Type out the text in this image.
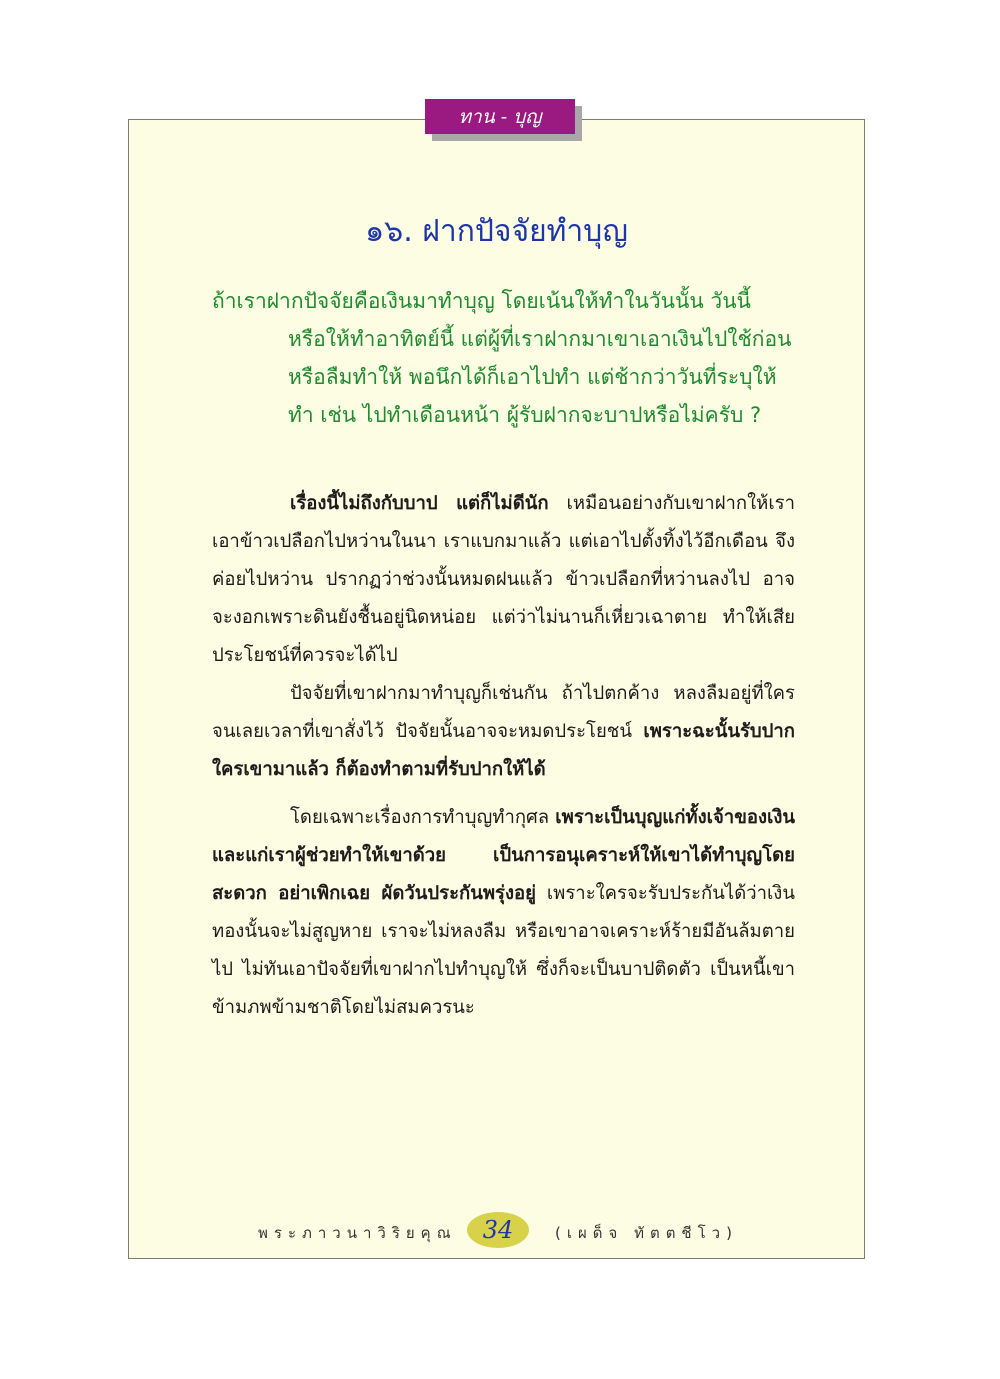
ทาน - บุญ
๑๖. ฝากปัจจัยทำบุญ
ถ้าเราฝากปัจจัยคือเงินมาทำบุญ โดยเน้นให้ทำในวันนั้น วันนี้
หรือให้ทำอาทิตย์นี้ แต่ผู้ที่เราฝากมาเขาเอาเงินไปใช้ก่อนหรือลืมทำให้ พอนึกได้ก็เอาไปทำ แต่ช้ากว่าวันที่ระบุให้ทำ เช่น ไปทำเดือนหน้า ผู้รับฝากจะบาปหรือไม่ครับ ?

เรื่องนี้ไม่ถึงกับบาป แต่ก็ไม่ดีนัก เหมือนอย่างกับเขาฝากให้เราเอาข้าวเปลือกไปหว่านในนา เราแบกมาแล้ว แต่เอาไปตั้งทิ้งไว้อีกเดือน จึงค่อยไปหว่าน ปรากฏว่าช่วงนั้นหมดฝนแล้ว ข้าวเปลือกที่หว่านลงไป อาจจะงอกเพราะดินยังชื้นอยู่นิดหน่อย แต่ว่าไม่นานก็เหี่ยวเฉาตาย ทำให้เสียประโยชน์ที่ควรจะได้ไป

ปัจจัยที่เขาฝากมาทำบุญก็เช่นกัน ถ้าไปตกค้าง หลงลืมอยู่ที่ใคร จนเลยเวลาที่เขาสั่งไว้ ปัจจัยนั้นอาจจะหมดประโยชน์ เพราะฉะนั้นรับปากใครเขามาแล้ว ก็ต้องทำตามที่รับปากให้ได้

โดยเฉพาะเรื่องการทำบุญทำกุศล เพราะเป็นบุญแก่ทั้งเจ้าของเงินและแก่เราผู้ช่วยทำให้เขาด้วย เป็นการอนุเคราะห์ให้เขาได้ทำบุญโดยสะดวก อย่าเพิกเฉย ผัดวันประกันพรุ่งอยู่ เพราะใครจะรับประกันได้ว่าเงินทองนั้นจะไม่สูญหาย เราจะไม่หลงลืม หรือเขาอาจเคราะห์ร้ายมีอันล้มตายไป ไม่ทันเอาปัจจัยที่เขาฝากไปทำบุญให้ ซึ่งก็จะเป็นบาปติดตัว เป็นหนี้เขาข้ามภพข้ามชาติโดยไม่สมควรนะ

พระภาวนาวิริยคุณ	34	(เผด็จ ทัตตชีโว)
